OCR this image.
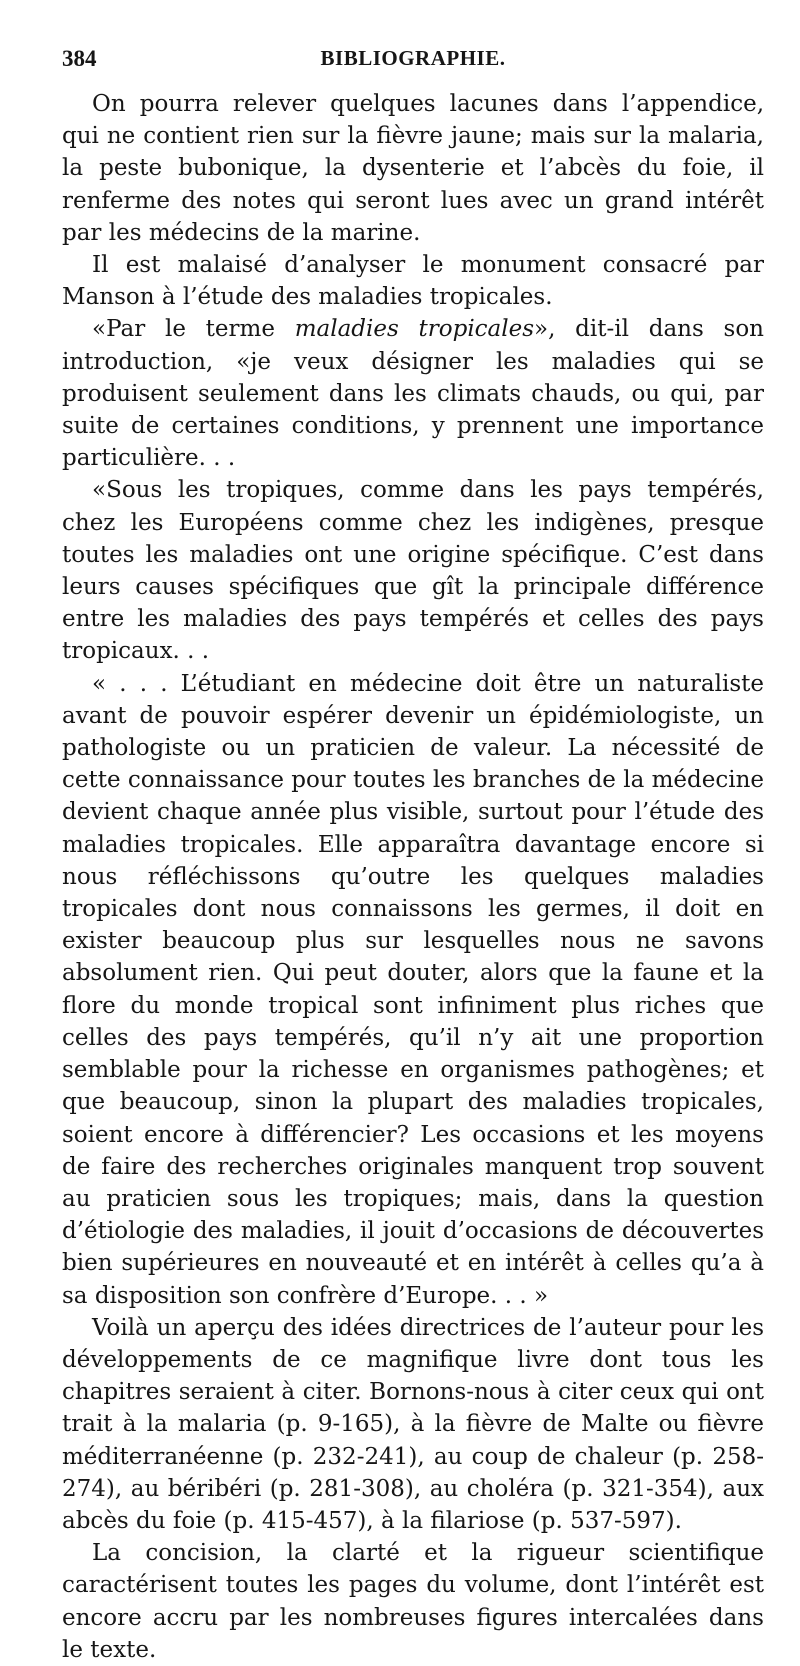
384	BIBLIOGRAPHIE.

On pourra relever quelques lacunes dans l’appendice, qui ne contient rien sur la fièvre jaune; mais sur la malaria, la peste bubonique, la dysenterie et l’abcès du foie, il renferme des notes qui seront lues avec un grand intérêt par les médecins de la marine.

Il est malaisé d’analyser le monument consacré par Manson à l’étude des maladies tropicales.

«Par le terme maladies tropicales», dit-il dans son introduction, «je veux désigner les maladies qui se produisent seulement dans les climats chauds, ou qui, par suite de certaines conditions, y prennent une importance particulière. . .

«Sous les tropiques, comme dans les pays tempérés, chez les Européens comme chez les indigènes, presque toutes les maladies ont une origine spécifique. C’est dans leurs causes spécifiques que gît la principale différence entre les maladies des pays tempérés et celles des pays tropicaux. . .

« . . . L’étudiant en médecine doit être un naturaliste avant de pouvoir espérer devenir un épidémiologiste, un pathologiste ou un praticien de valeur. La nécessité de cette connaissance pour toutes les branches de la médecine devient chaque année plus visible, surtout pour l’étude des maladies tropicales. Elle apparaîtra davantage encore si nous réfléchissons qu’outre les quelques maladies tropicales dont nous connaissons les germes, il doit en exister beaucoup plus sur lesquelles nous ne savons absolument rien. Qui peut douter, alors que la faune et la flore du monde tropical sont infiniment plus riches que celles des pays tempérés, qu’il n’y ait une proportion semblable pour la richesse en organismes pathogènes; et que beaucoup, sinon la plupart des maladies tropicales, soient encore à différencier? Les occasions et les moyens de faire des recherches originales manquent trop souvent au praticien sous les tropiques; mais, dans la question d’étiologie des maladies, il jouit d’occasions de découvertes bien supérieures en nouveauté et en intérêt à celles qu’a à sa disposition son confrère d’Europe. . . »

Voilà un aperçu des idées directrices de l’auteur pour les développements de ce magnifique livre dont tous les chapitres seraient à citer. Bornons-nous à citer ceux qui ont trait à la malaria (p. 9-165), à la fièvre de Malte ou fièvre méditerranéenne (p. 232-241), au coup de chaleur (p. 258-274), au béribéri (p. 281-308), au choléra (p. 321-354), aux abcès du foie (p. 415-457), à la filariose (p. 537-597).

La concision, la clarté et la rigueur scientifique caractérisent toutes les pages du volume, dont l’intérêt est encore accru par les nombreuses figures intercalées dans le texte.
